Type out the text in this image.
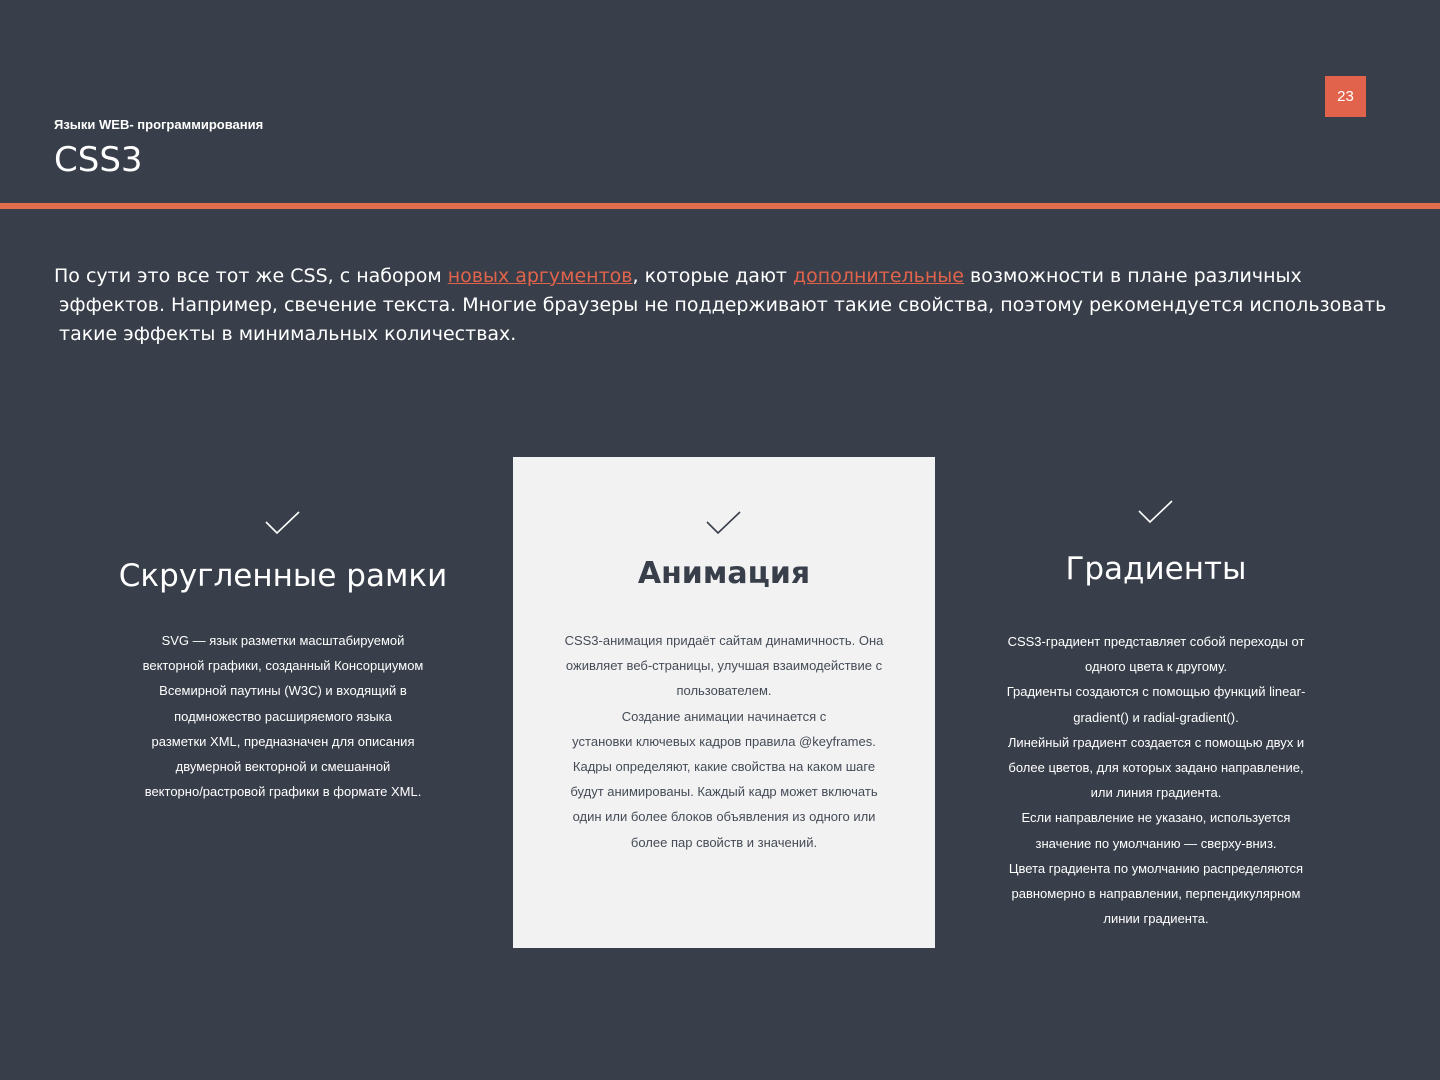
23
Языки WEB- программирования
CSS3
По сути это все тот же CSS, с набором новых аргументов, которые дают дополнительные возможности в плане различных
эффектов. Например, свечение текста. Многие браузеры не поддерживают такие свойства, поэтому рекомендуется использовать
такие эффекты в минимальных количествах.
Скругленные рамки

SVG — язык разметки масштабируемой
векторной графики, созданный Консорциумом
Всемирной паутины (W3C) и входящий в
подмножество расширяемого языка
разметки XML, предназначен для описания
двумерной векторной и смешанной
векторно/растровой графики в формате XML.

Анимация

CSS3-анимация придаёт сайтам динамичность. Она
оживляет веб-страницы, улучшая взаимодействие с
пользователем.
Создание анимации начинается с
установки ключевых кадров правила @keyframes.
Кадры определяют, какие свойства на каком шаге
будут анимированы. Каждый кадр может включать
один или более блоков объявления из одного или
более пар свойств и значений.

Градиенты

CSS3-градиент представляет собой переходы от
одного цвета к другому.
Градиенты создаются с помощью функций linear-
gradient() и radial-gradient().
Линейный градиент создается с помощью двух и
более цветов, для которых задано направление,
или линия градиента.
Если направление не указано, используется
значение по умолчанию — сверху-вниз.
Цвета градиента по умолчанию распределяются
равномерно в направлении, перпендикулярном
линии градиента.
